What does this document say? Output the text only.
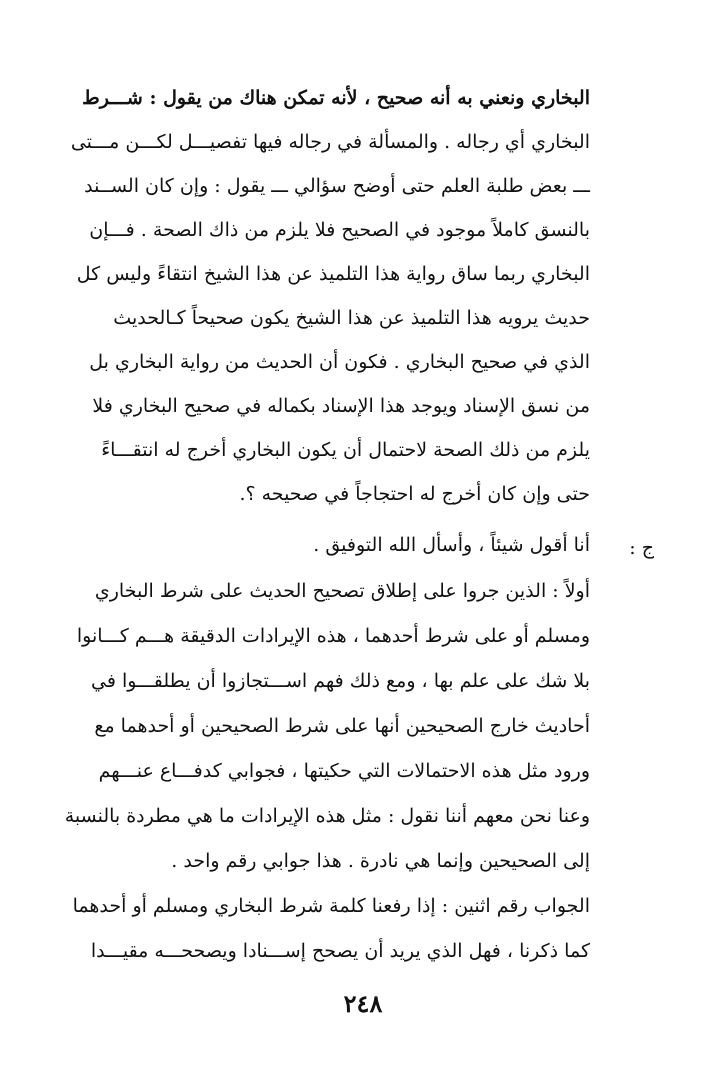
البخاري ونعني به أنه صحيح ، لأنه تمكن هناك من يقول : شـــرط
البخاري أي رجاله . والمسألة في رجاله فيها تفصيـــل لكـــن مـــتى
ـــ بعض طلبة العلم حتى أوضح سؤالي ـــ يقول : وإن كان الســند
بالنسق كاملاً موجود في الصحيح فلا يلزم من ذاك الصحة . فـــإن
البخاري ربما ساق رواية هذا التلميذ عن هذا الشيخ انتقاءً وليس كل
حديث يرويه هذا التلميذ عن هذا الشيخ يكون صحيحاً كـالحديث
الذي في صحيح البخاري . فكون أن الحديث من رواية البخاري بل
من نسق الإسناد ويوجد هذا الإسناد بكماله في صحيح البخاري فلا
يلزم من ذلك الصحة لاحتمال أن يكون البخاري أخرج له انتقـــاءً
حتى وإن كان أخرج له احتجاجاً في صحيحه ؟.
ج :
أنا أقول شيئاً ، وأسأل الله التوفيق .
أولاً : الذين جروا على إطلاق تصحيح الحديث على شرط البخاري
ومسلم أو على شرط أحدهما ، هذه الإيرادات الدقيقة هـــم كـــانوا
بلا شك على علم بها ، ومع ذلك فهم اســـتجازوا أن يطلقـــوا في
أحاديث خارج الصحيحين أنها على شرط الصحيحين أو أحدهما مع
ورود مثل هذه الاحتمالات التي حكيتها ، فجوابي كدفـــاع عنـــهم
وعنا نحن معهم أننا نقول : مثل هذه الإيرادات ما هي مطردة بالنسبة
إلى الصحيحين وإنما هي نادرة . هذا جوابي رقم واحد .
الجواب رقم اثنين : إذا رفعنا كلمة شرط البخاري ومسلم أو أحدهما
كما ذكرنا ، فهل الذي يريد أن يصحح إســـنادا ويصححـــه مقيـــدا
٢٤٨
